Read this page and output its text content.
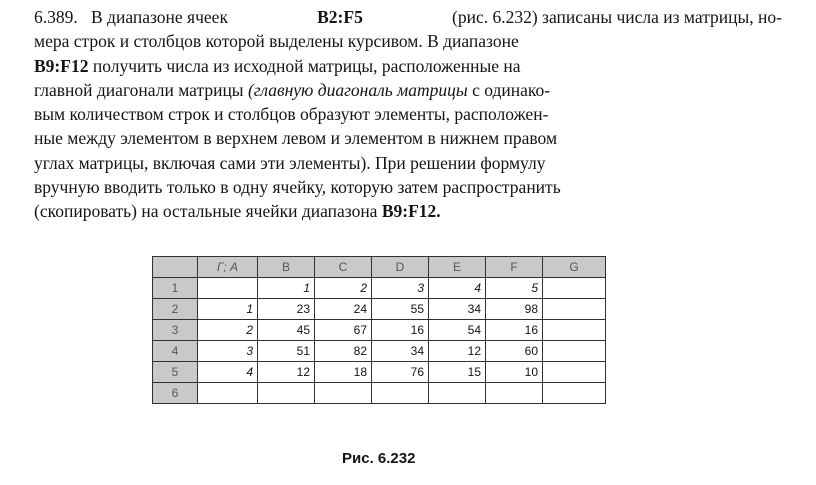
6.389. В диапазоне ячеек	B2:F5	(рис. 6.232) записаны числа из матрицы, но-
мера строк и столбцов которой выделены курсивом. В диапазоне
B9:F12 получить числа из исходной матрицы, расположенные на
главной диагонали матрицы (главную диагональ матрицы с одинако-
вым количеством строк и столбцов образуют элементы, расположен-
ные между элементом в верхнем левом и элементом в нижнем правом
углах матрицы, включая сами эти элементы). При решении формулу
вручную вводить только в одну ячейку, которую затем распространить
(скопировать) на остальные ячейки диапазона B9:F12.
	Г; A	B	C	D	E	F	G
1		1	2	3	4	5	
2	1	23	24	55	34	98	
3	2	45	67	16	54	16	
4	3	51	82	34	12	60	
5	4	12	18	76	15	10	
6							
Рис. 6.232
